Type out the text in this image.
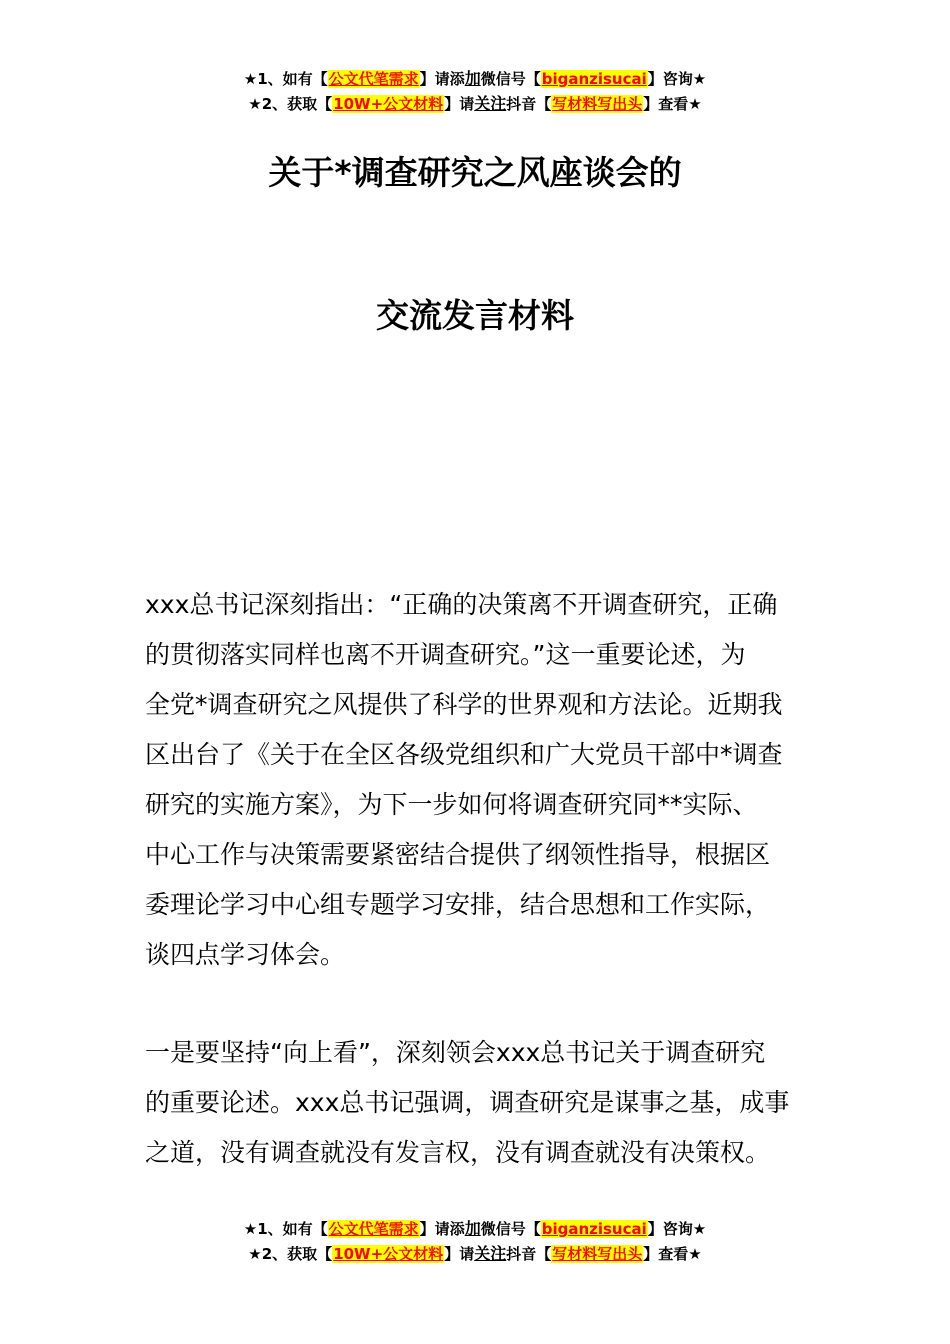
★1、如有【公文代笔需求】请添加微信号【biganzisucai】咨询★
★2、获取【10W+公文材料】请关注抖音【写材料写出头】查看★
关于*调查研究之风座谈会的
交流发言材料
xxx总书记深刻指出：“正确的决策离不开调查研究，正确
的贯彻落实同样也离不开调查研究。”这一重要论述，为
全党*调查研究之风提供了科学的世界观和方法论。近期我
区出台了《关于在全区各级党组织和广大党员干部中*调查
研究的实施方案》，为下一步如何将调查研究同**实际、
中心工作与决策需要紧密结合提供了纲领性指导，根据区
委理论学习中心组专题学习安排，结合思想和工作实际，
谈四点学习体会。
一是要坚持“向上看”，深刻领会xxx总书记关于调查研究
的重要论述。xxx总书记强调，调查研究是谋事之基，成事
之道，没有调查就没有发言权，没有调查就没有决策权。
★1、如有【公文代笔需求】请添加微信号【biganzisucai】咨询★
★2、获取【10W+公文材料】请关注抖音【写材料写出头】查看★
